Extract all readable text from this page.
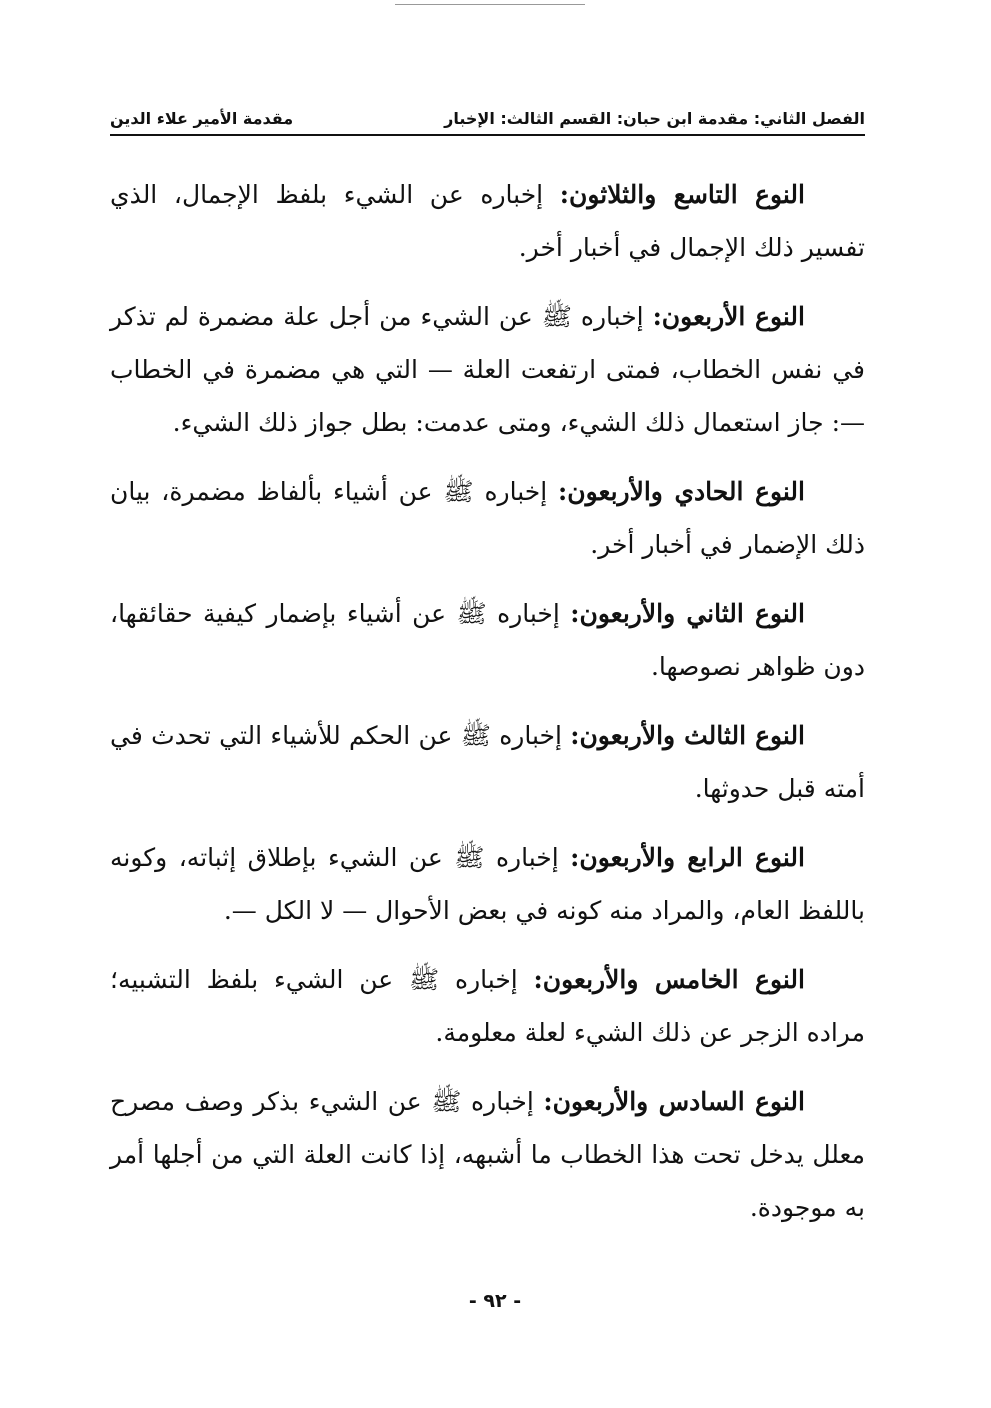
الفصل الثاني: مقدمة ابن حبان: القسم الثالث: الإخبار
مقدمة الأمير علاء الدين

النوع التاسع والثلاثون: إخباره عن الشيء بلفظ الإجمال، الذي تفسير ذلك الإجمال في أخبار أخر.

النوع الأربعون: إخباره ﷺ عن الشيء من أجل علة مضمرة لم تذكر في نفس الخطاب، فمتى ارتفعت العلة — التي هي مضمرة في الخطاب —: جاز استعمال ذلك الشيء، ومتى عدمت: بطل جواز ذلك الشيء.

النوع الحادي والأربعون: إخباره ﷺ عن أشياء بألفاظ مضمرة، بيان ذلك الإضمار في أخبار أخر.

النوع الثاني والأربعون: إخباره ﷺ عن أشياء بإضمار كيفية حقائقها، دون ظواهر نصوصها.

النوع الثالث والأربعون: إخباره ﷺ عن الحكم للأشياء التي تحدث في أمته قبل حدوثها.

النوع الرابع والأربعون: إخباره ﷺ عن الشيء بإطلاق إثباته، وكونه باللفظ العام، والمراد منه كونه في بعض الأحوال — لا الكل —.

النوع الخامس والأربعون: إخباره ﷺ عن الشيء بلفظ التشبيه؛ مراده الزجر عن ذلك الشيء لعلة معلومة.

النوع السادس والأربعون: إخباره ﷺ عن الشيء بذكر وصف مصرح معلل يدخل تحت هذا الخطاب ما أشبهه، إذا كانت العلة التي من أجلها أمر به موجودة.

- ٩٢ -
